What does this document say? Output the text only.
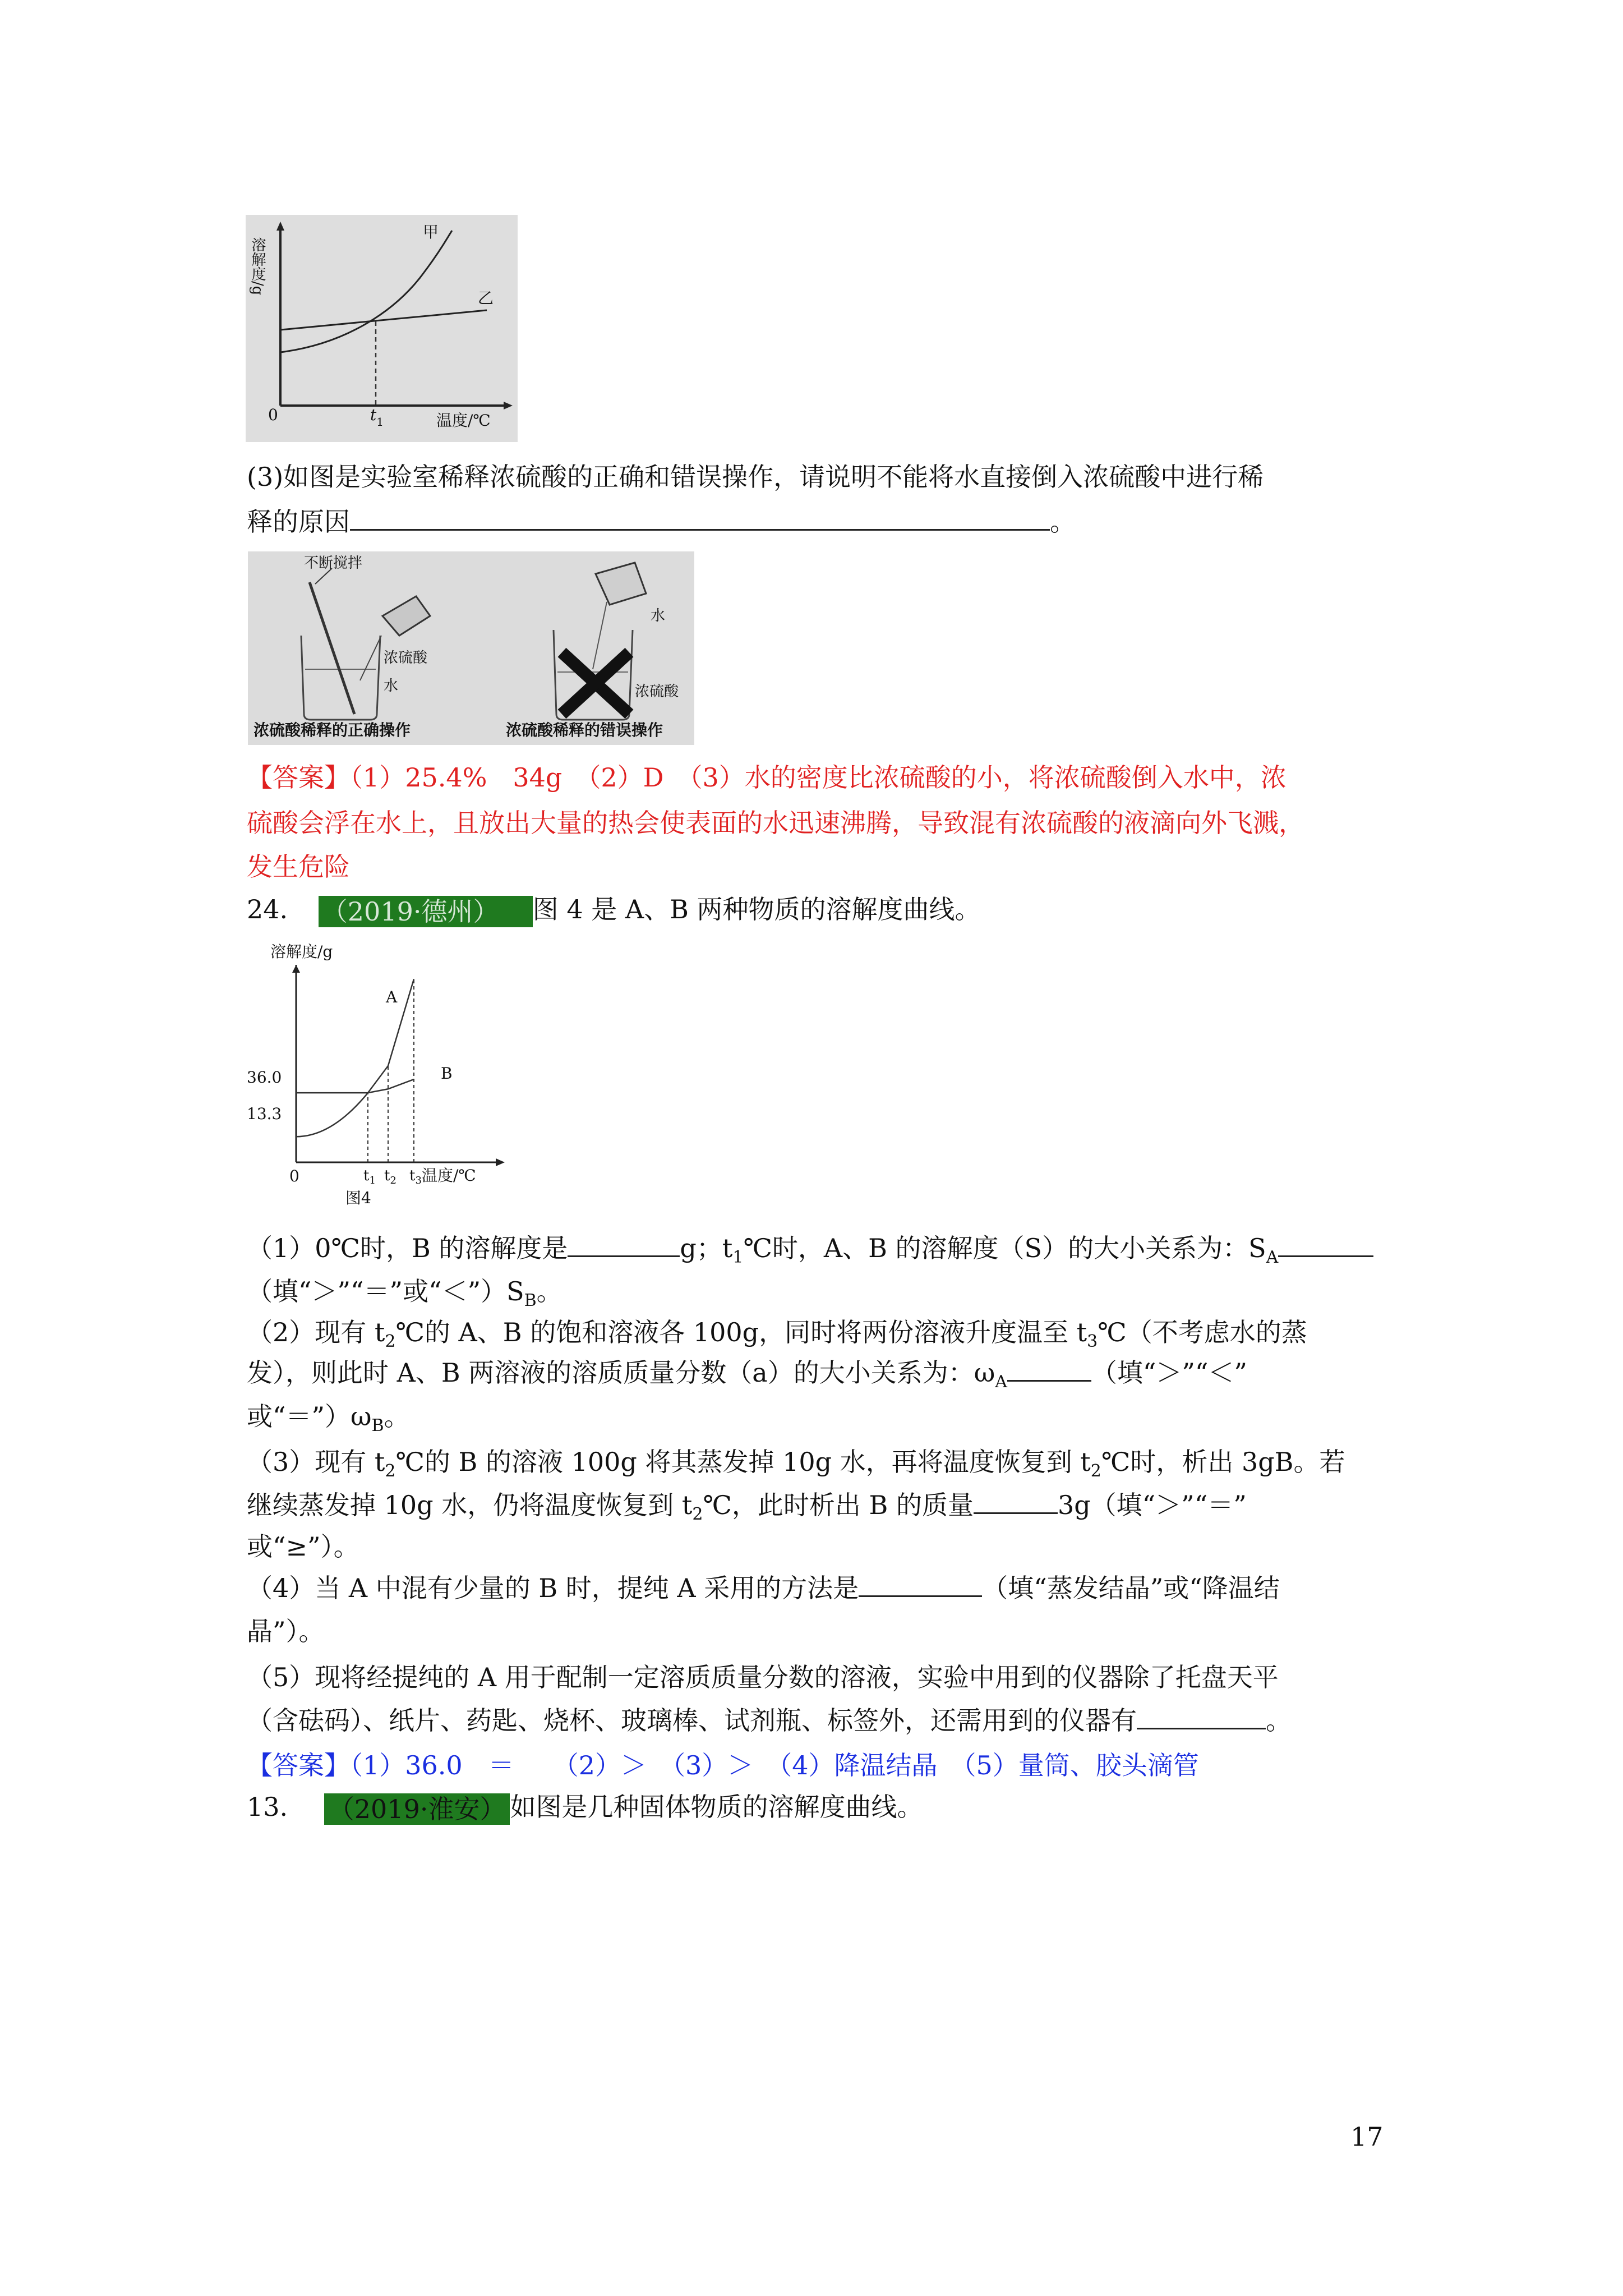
溶解度/g
0	$t_1$	温度/℃
甲
乙
(3)如图是实验室稀释浓硫酸的正确和错误操作，请说明不能将水直接倒入浓硫酸中进行稀
释的原因	。
不断搅拌
浓硫酸
水
浓硫酸稀释的正确操作
水
浓硫酸
浓硫酸稀释的错误操作
【答案】（1）25.4%　34g　（2）D　（3）水的密度比浓硫酸的小，将浓硫酸倒入水中，浓
硫酸会浮在水上，且放出大量的热会使表面的水迅速沸腾，导致混有浓硫酸的液滴向外飞溅，
发生危险
24. （2019·德州） 图 4 是 A、B 两种物质的溶解度曲线。
溶解度/g
36.0
13.3
0	$t_1$ $t_2$ $t_3$ 温度/℃
A
B
图4
（1）0℃时，B 的溶解度是	g；$t_1℃$时，A、B 的溶解度（S）的大小关系为：$S_A$
（填“＞”“＝”或“$<”)S_B$。
（2）现有 $t_2℃$的 A、B 的饱和溶液各 100g，同时将两份溶液升度温至 $t_3℃$（不考虑水的蒸
发），则此时 A、B 两溶液的溶质质量分数（a）的大小关系为：$\omega_A$	（填“＞”“＜”
或“$=”)\omega_B$。
（3）现有 $t_2℃$的 B 的溶液 100g 将其蒸发掉 10g 水，再将温度恢复到 $t_2℃$时，析出 3gB。若
继续蒸发掉 10g 水，仍将温度恢复到 $t_2℃$，此时析出 B 的质量	3g（填“＞”“＝”
或“≥”）。
（4）当 A 中混有少量的 B 时，提纯 A 采用的方法是	（填“蒸发结晶”或“降温结
晶”）。
（5）现将经提纯的 A 用于配制一定溶质质量分数的溶液，实验中用到的仪器除了托盘天平
（含砝码）、纸片、药匙、烧杯、玻璃棒、试剂瓶、标签外，还需用到的仪器有	。
【答案】（1）36.0　＝　　（2）＞　（3）＞　（4）降温结晶　（5）量筒、胶头滴管
13. （2019·淮安） 如图是几种固体物质的溶解度曲线。
17
